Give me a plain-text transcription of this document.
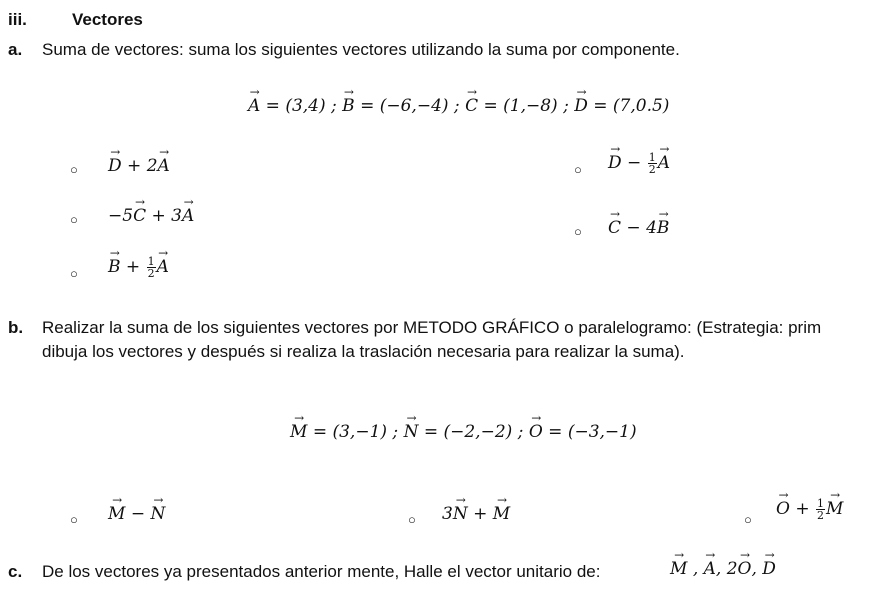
iii.	Vectores
a. Suma de vectores: suma los siguientes vectores utilizando la suma por componente.
→ A = (3,4) ; → B = (−6,−4) ; → C = (1,−8) ; → D = (7,0.5)
○
→ D + 2→ A	○
→ $D - \frac{1}{2}$
→ A
○ −5→ C + 3→ A
○
→ C − 4→ B
○
→ $B + \frac{1}{2}$
→ A
b. Realizar la suma de los siguientes vectores por METODO GRÁFICO o paralelogramo: (Estrategia: prim
dibuja los vectores y después si realiza la traslación necesaria para realizar la suma).
→ M = (3,−1) ; → N = (−2,−2) ; → O = (−3,−1)
○
→ M − → N	○ 3→ N + → M	○
→ $O + \frac{1}{2}$
→ M
c. De los vectores ya presentados anterior mente, Halle el vector unitario de:
→	M , → A, 2→ O, → D
